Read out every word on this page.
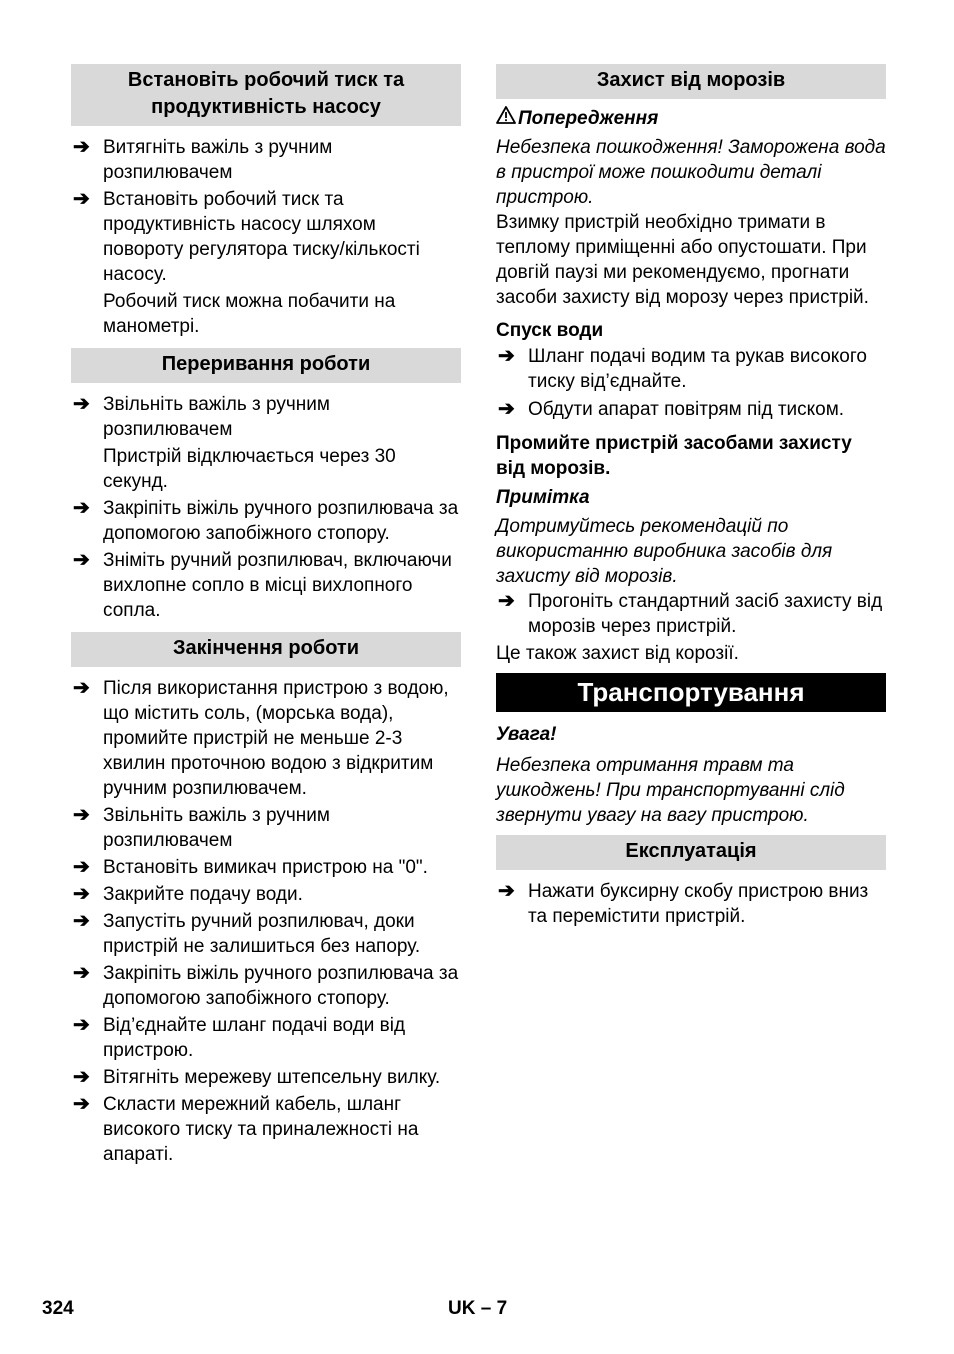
Встановіть робочий тиск та продуктивність насосу
➔ Витягніть важіль з ручним розпилювачем
➔ Встановіть робочий тиск та продуктивність насосу шляхом повороту регулятора тиску/кількості насосу.
Робочий тиск можна побачити на манометрі.
Переривання роботи
➔ Звільніть важіль з ручним розпилювачем
Пристрій відключається через 30 секунд.
➔ Закріпіть віжіль ручного розпилювача за допомогою запобіжного стопору.
➔ Зніміть ручний розпилювач, включаючи вихлопне сопло в місці вихлопного сопла.
Закінчення роботи
➔ Після використання пристрою з водою, що містить соль, (морська вода), промийте пристрій не меньше 2-3 хвилин проточною водою з відкритим ручним розпилювачем.
➔ Звільніть важіль з ручним розпилювачем
➔ Встановіть вимикач пристрою на "0".
➔ Закрийте подачу води.
➔ Запустіть ручний розпилювач, доки пристрій не залишиться без напору.
➔ Закріпіть віжіль ручного розпилювача за допомогою запобіжного стопору.
➔ Від’єднайте шланг подачі води від пристрою.
➔ Вітягніть мережеву штепсельну вилку.
➔ Скласти мережний кабель, шланг високого тиску та приналежності на апараті.
Захист від морозів
Попередження
Небезпека пошкодження! Заморожена вода в пристрої може пошкодити деталі пристрою.
Взимку пристрій необхідно тримати в теплому приміщенні або опустошати. При довгій паузі ми рекомендуємо, прогнати засоби захисту від морозу через пристрій.
Спуск води
➔ Шланг подачі водим та рукав високого тиску від’єднайте.
➔ Обдути апарат повітрям під тиском.
Промийте пристрій засобами захисту від морозів.
Примітка
Дотримуйтесь рекомендацій по використанню виробника засобів для захисту від морозів.
➔ Прогоніть стандартний засіб захисту від морозів через пристрій.
Це також захист від корозії.
Транспортування
Увага!
Небезпека отримання травм та ушкоджень! При транспортуванні слід звернути увагу на вагу пристрою.
Експлуатація
➔ Нажати буксирну скобу пристрою вниз та перемістити пристрій.
324	UK – 7
